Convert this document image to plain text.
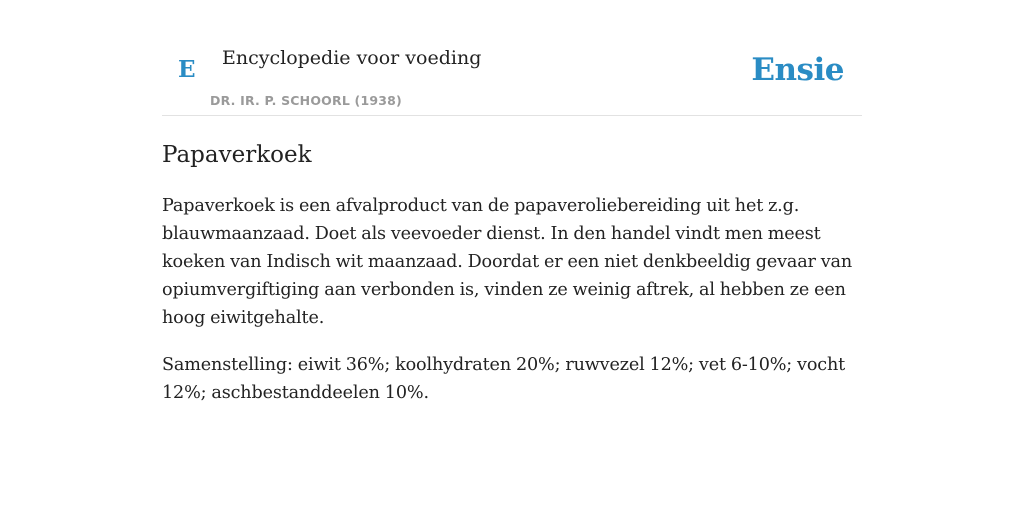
E Encyclopedie voor voeding
DR. IR. P. SCHOORL (1938)
Ensie
Papaverkoek

Papaverkoek is een afvalproduct van de papaveroliebereiding uit het z.g. blauwmaanzaad. Doet als veevoeder dienst. In den handel vindt men meest koeken van Indisch wit maanzaad. Doordat er een niet denkbeeldig gevaar van opiumvergiftiging aan verbonden is, vinden ze weinig aftrek, al hebben ze een hoog eiwitgehalte.

Samenstelling: eiwit 36%; koolhydraten 20%; ruwvezel 12%; vet 6-10%; vocht 12%; aschbestanddeelen 10%.
